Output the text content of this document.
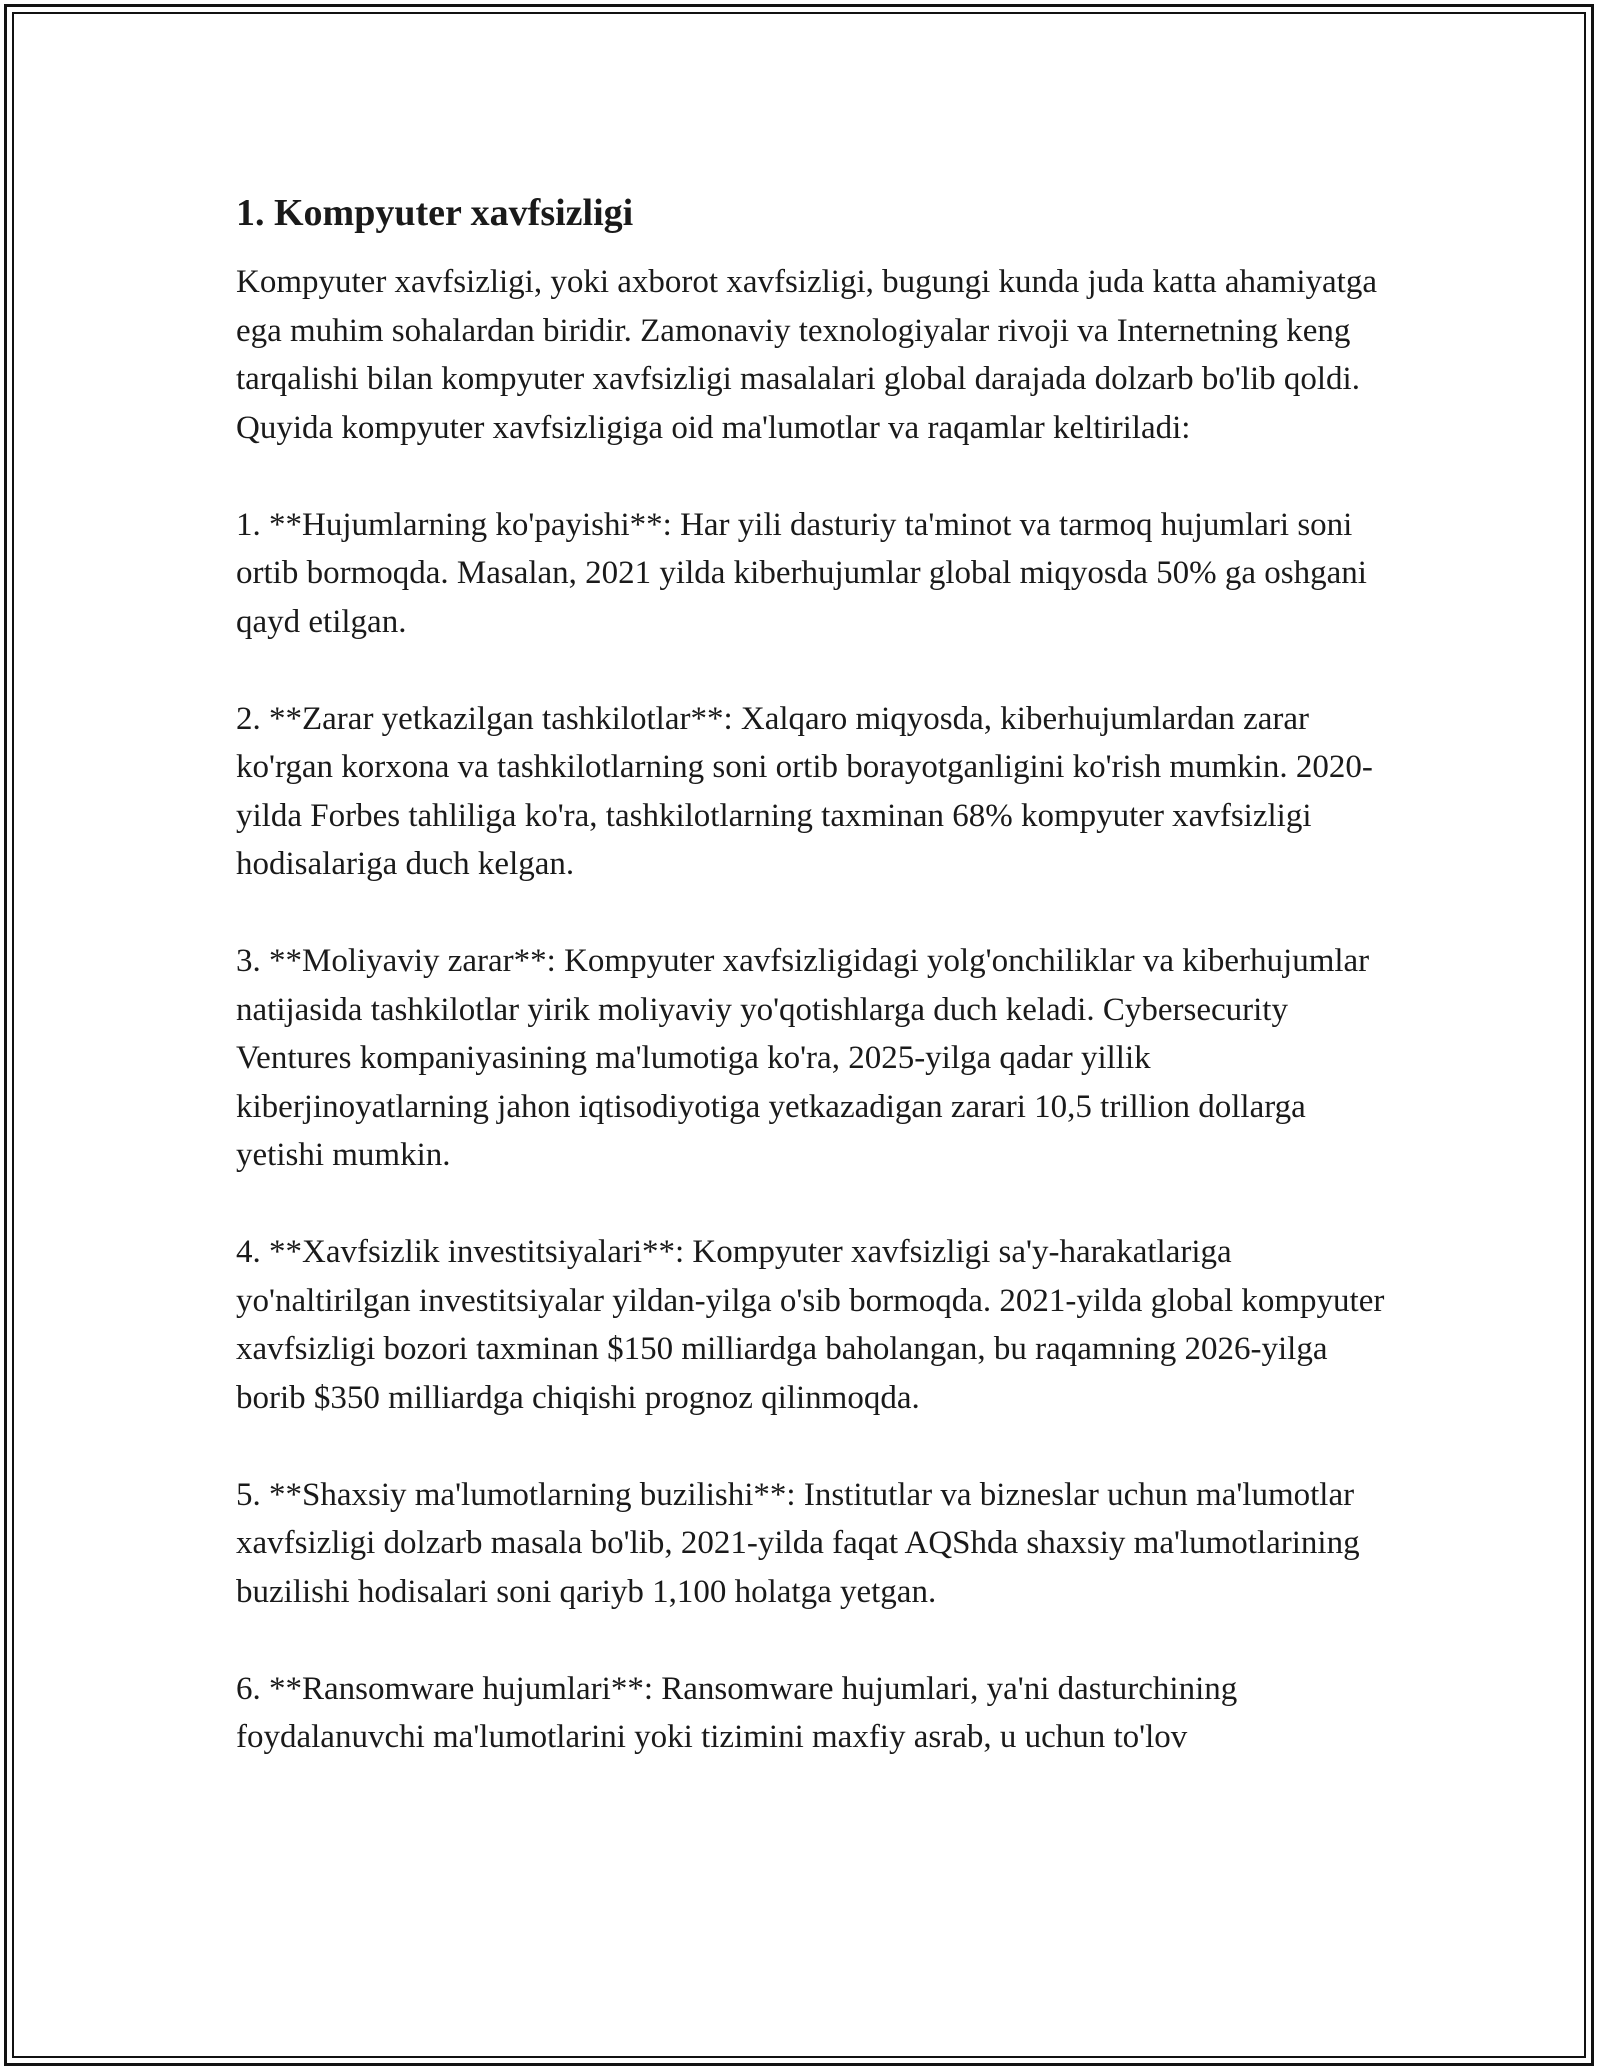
1. Kompyuter xavfsizligi

Kompyuter xavfsizligi, yoki axborot xavfsizligi, bugungi kunda juda katta ahamiyatga ega muhim sohalardan biridir. Zamonaviy texnologiyalar rivoji va Internetning keng tarqalishi bilan kompyuter xavfsizligi masalalari global darajada dolzarb bo'lib qoldi. Quyida kompyuter xavfsizligiga oid ma'lumotlar va raqamlar keltiriladi:

1. **Hujumlarning ko'payishi**: Har yili dasturiy ta'minot va tarmoq hujumlari soni ortib bormoqda. Masalan, 2021 yilda kiberhujumlar global miqyosda 50% ga oshgani qayd etilgan.

2. **Zarar yetkazilgan tashkilotlar**: Xalqaro miqyosda, kiberhujumlardan zarar ko'rgan korxona va tashkilotlarning soni ortib borayotganligini ko'rish mumkin. 2020-yilda Forbes tahliliga ko'ra, tashkilotlarning taxminan 68% kompyuter xavfsizligi hodisalariga duch kelgan.

3. **Moliyaviy zarar**: Kompyuter xavfsizligidagi yolg'onchiliklar va kiberhujumlar natijasida tashkilotlar yirik moliyaviy yo'qotishlarga duch keladi. Cybersecurity Ventures kompaniyasining ma'lumotiga ko'ra, 2025-yilga qadar yillik kiberjinoyatlarning jahon iqtisodiyotiga yetkazadigan zarari 10,5 trillion dollarga yetishi mumkin.

4. **Xavfsizlik investitsiyalari**: Kompyuter xavfsizligi sa'y-harakatlariga yo'naltirilgan investitsiyalar yildan-yilga o'sib bormoqda. 2021-yilda global kompyuter xavfsizligi bozori taxminan $150 milliardga baholangan, bu raqamning 2026-yilga borib $350 milliardga chiqishi prognoz qilinmoqda.

5. **Shaxsiy ma'lumotlarning buzilishi**: Institutlar va bizneslar uchun ma'lumotlar xavfsizligi dolzarb masala bo'lib, 2021-yilda faqat AQShda shaxsiy ma'lumotlarining buzilishi hodisalari soni qariyb 1,100 holatga yetgan.

6. **Ransomware hujumlari**: Ransomware hujumlari, ya'ni dasturchining foydalanuvchi ma'lumotlarini yoki tizimini maxfiy asrab, u uchun to'lov
